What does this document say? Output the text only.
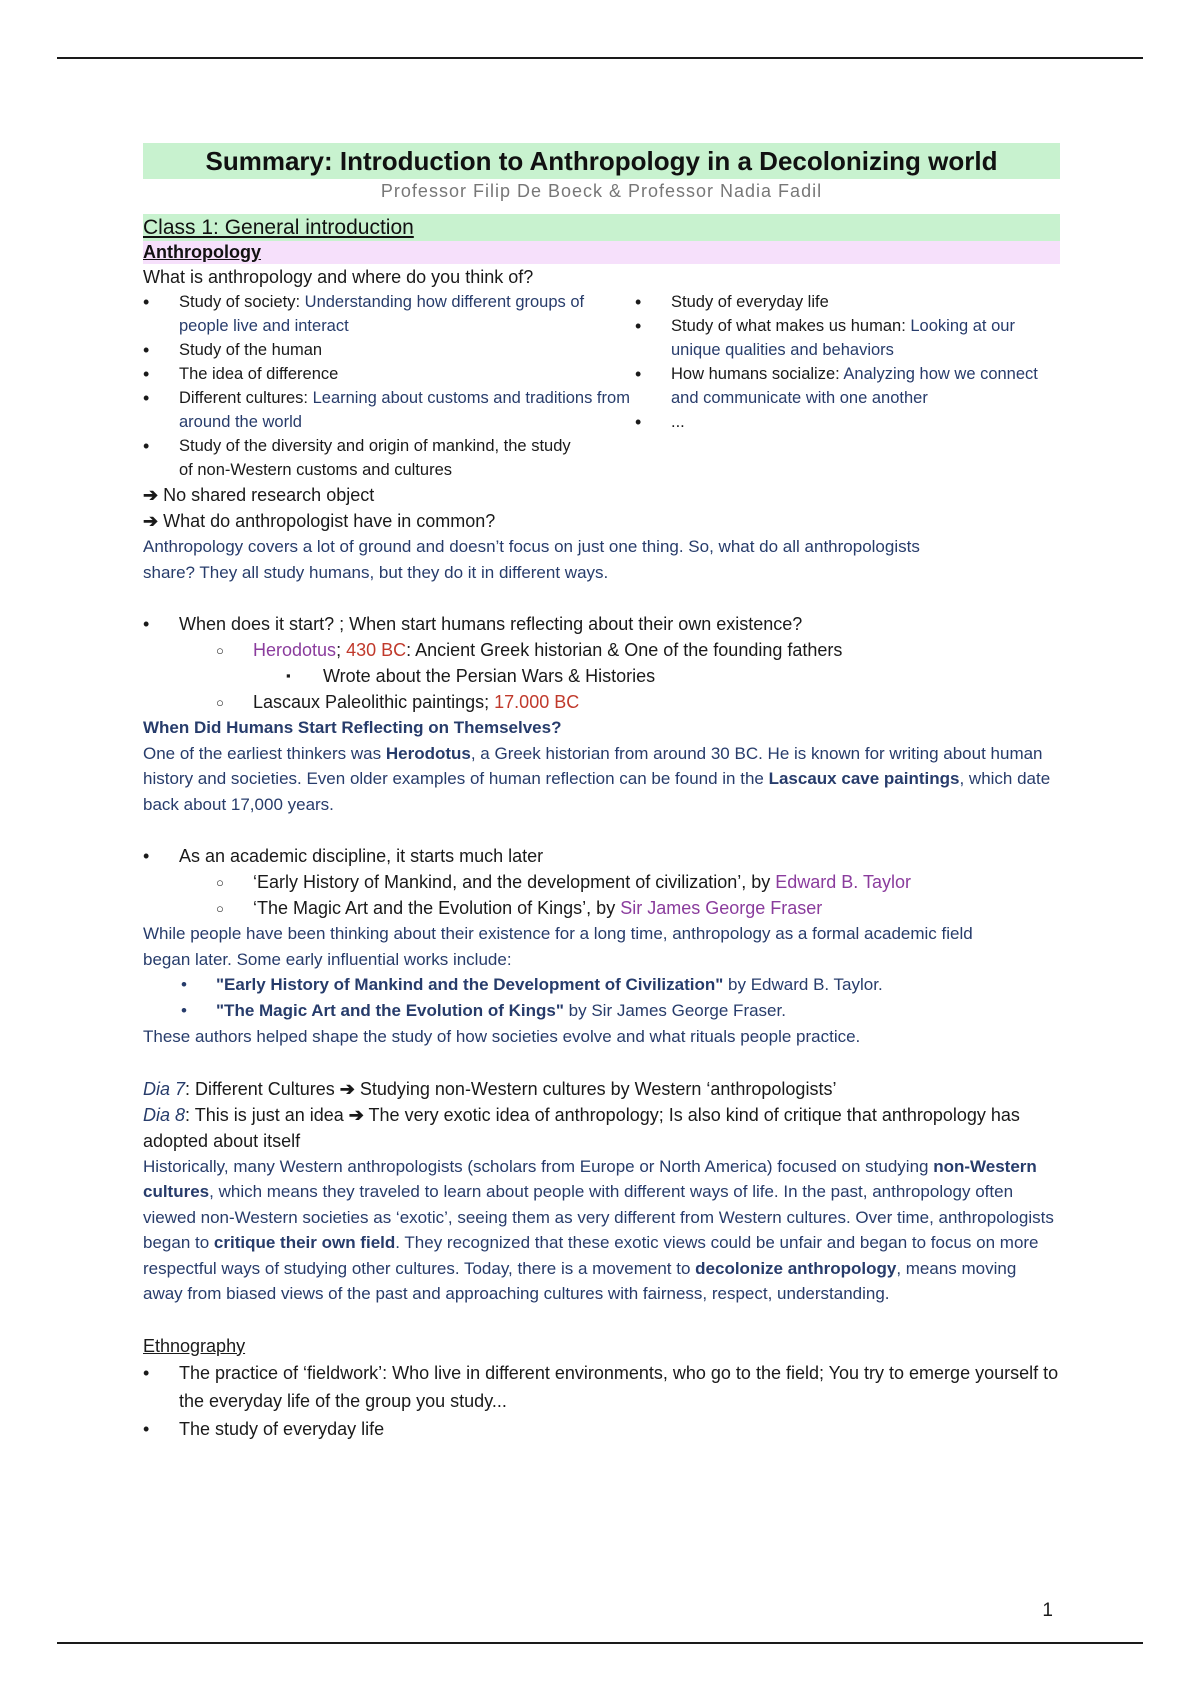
Summary: Introduction to Anthropology in a Decolonizing world
Professor Filip De Boeck & Professor Nadia Fadil
Class 1: General introduction
Anthropology
What is anthropology and where do you think of?
• Study of society: Understanding how different groups of people live and interact
• Study of the human
• The idea of difference
• Different cultures: Learning about customs and traditions from around the world
• Study of the diversity and origin of mankind, the study of non-Western customs and cultures
• Study of everyday life
• Study of what makes us human: Looking at our unique qualities and behaviors
• How humans socialize: Analyzing how we connect and communicate with one another
• ...
➔ No shared research object
➔ What do anthropologist have in common?
Anthropology covers a lot of ground and doesn’t focus on just one thing. So, what do all anthropologists share? They all study humans, but they do it in different ways.
• When does it start? ; When start humans reflecting about their own existence?
○ Herodotus; 430 BC: Ancient Greek historian & One of the founding fathers
▪ Wrote about the Persian Wars & Histories
○ Lascaux Paleolithic paintings; 17.000 BC
When Did Humans Start Reflecting on Themselves?
One of the earliest thinkers was Herodotus, a Greek historian from around 30 BC. He is known for writing about human history and societies. Even older examples of human reflection can be found in the Lascaux cave paintings, which date back about 17,000 years.
• As an academic discipline, it starts much later
○ ‘Early History of Mankind, and the development of civilization’, by Edward B. Taylor
○ ‘The Magic Art and the Evolution of Kings’, by Sir James George Fraser
While people have been thinking about their existence for a long time, anthropology as a formal academic field began later. Some early influential works include:
• "Early History of Mankind and the Development of Civilization" by Edward B. Taylor.
• "The Magic Art and the Evolution of Kings" by Sir James George Fraser.
These authors helped shape the study of how societies evolve and what rituals people practice.
Dia 7: Different Cultures ➔ Studying non-Western cultures by Western ‘anthropologists’
Dia 8: This is just an idea ➔ The very exotic idea of anthropology; Is also kind of critique that anthropology has adopted about itself
Historically, many Western anthropologists (scholars from Europe or North America) focused on studying non-Western cultures, which means they traveled to learn about people with different ways of life. In the past, anthropology often viewed non-Western societies as ‘exotic’, seeing them as very different from Western cultures. Over time, anthropologists began to critique their own field. They recognized that these exotic views could be unfair and began to focus on more respectful ways of studying other cultures. Today, there is a movement to decolonize anthropology, means moving away from biased views of the past and approaching cultures with fairness, respect, understanding.
Ethnography
• The practice of ‘fieldwork’: Who live in different environments, who go to the field; You try to emerge yourself to the everyday life of the group you study...
• The study of everyday life
1
